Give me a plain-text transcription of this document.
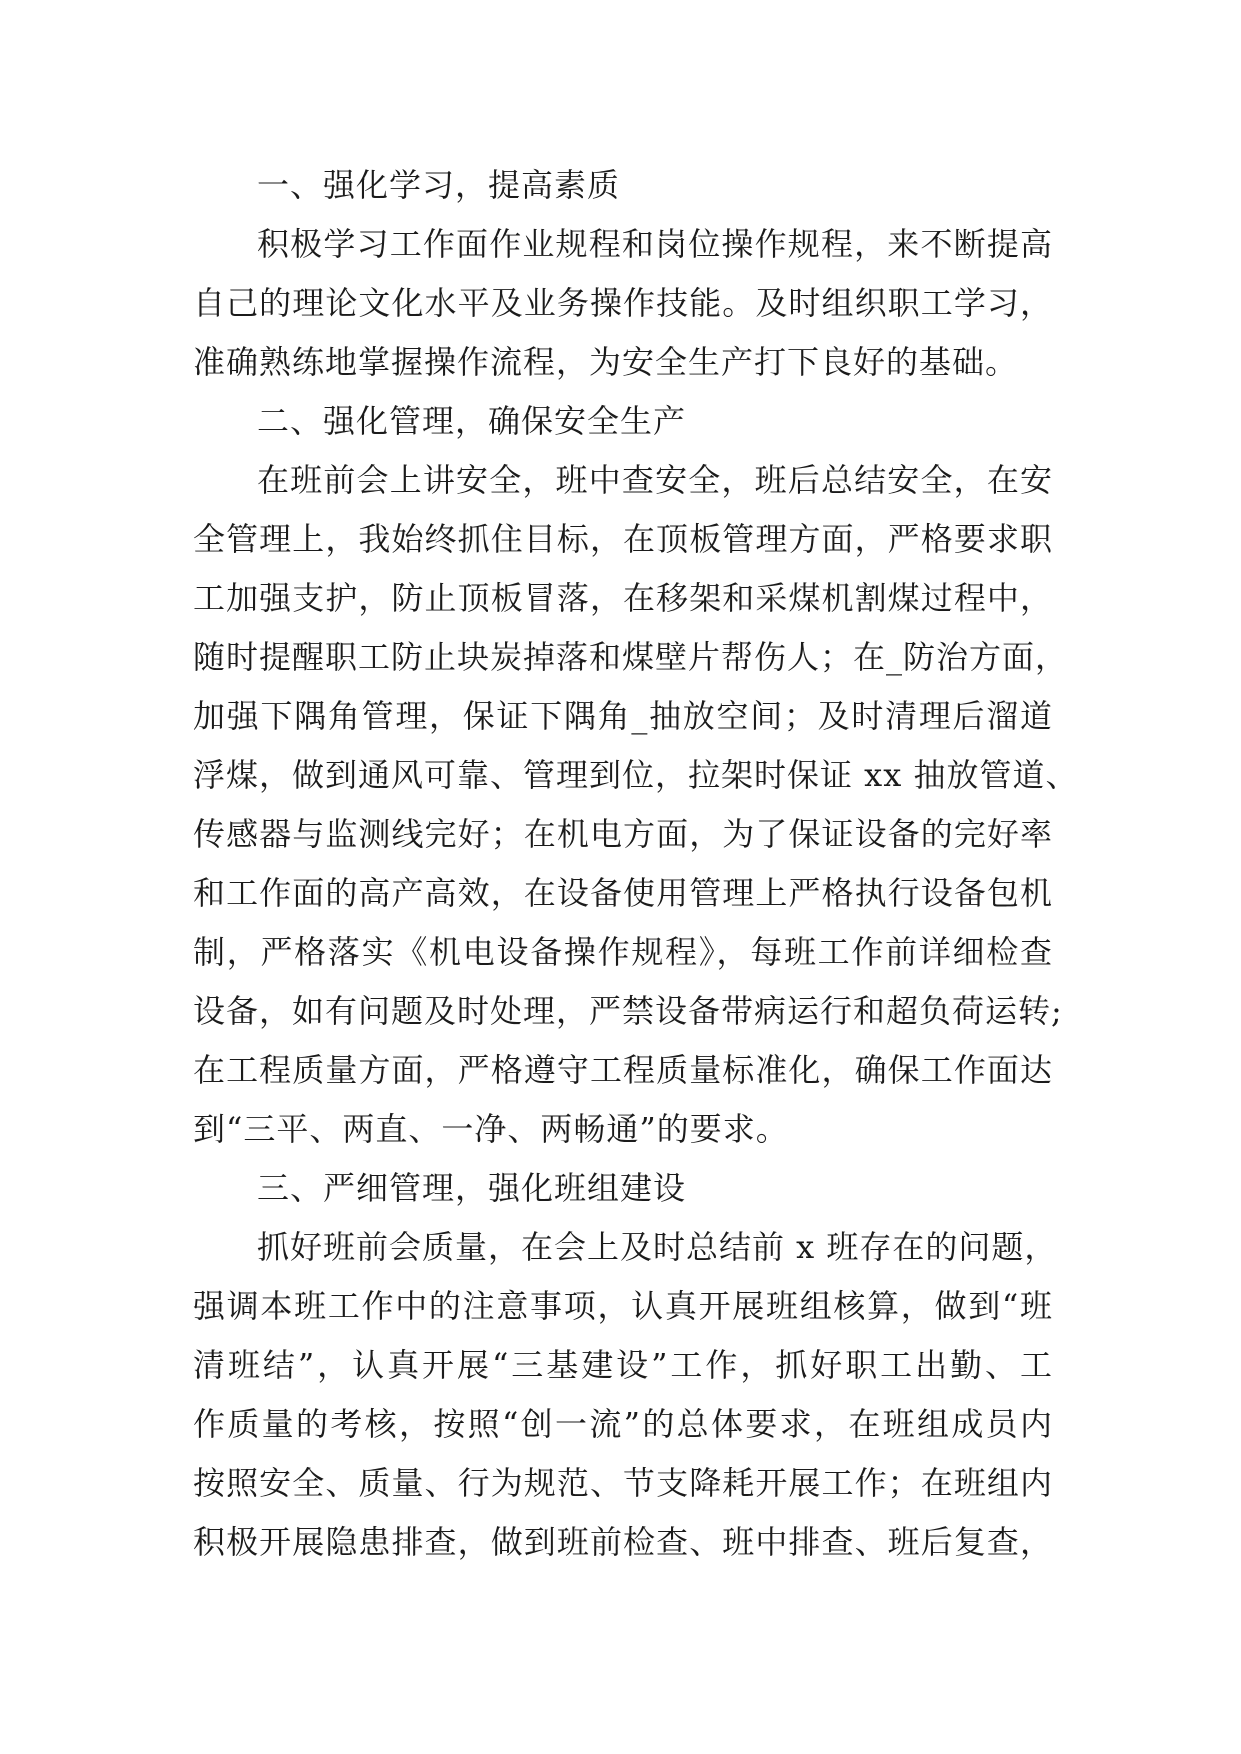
一、强化学习，提高素质
积极学习工作面作业规程和岗位操作规程，来不断提高
自己的理论文化水平及业务操作技能。及时组织职工学习，
准确熟练地掌握操作流程，为安全生产打下良好的基础。
二、强化管理，确保安全生产
在班前会上讲安全，班中查安全，班后总结安全，在安
全管理上，我始终抓住目标，在顶板管理方面，严格要求职
工加强支护，防止顶板冒落，在移架和采煤机割煤过程中，
随时提醒职工防止块炭掉落和煤壁片帮伤人；在_防治方面，
加强下隅角管理，保证下隅角_抽放空间；及时清理后溜道
浮煤，做到通风可靠、管理到位，拉架时保证 xx 抽放管道、
传感器与监测线完好；在机电方面，为了保证设备的完好率
和工作面的高产高效，在设备使用管理上严格执行设备包机
制，严格落实《机电设备操作规程》，每班工作前详细检查
设备，如有问题及时处理，严禁设备带病运行和超负荷运转;
在工程质量方面，严格遵守工程质量标准化，确保工作面达
到“三平、两直、一净、两畅通”的要求。
三、严细管理，强化班组建设
抓好班前会质量，在会上及时总结前 x 班存在的问题，
强调本班工作中的注意事项，认真开展班组核算，做到“班
清班结”，认真开展“三基建设”工作，抓好职工出勤、工
作质量的考核，按照“创一流”的总体要求，在班组成员内
按照安全、质量、行为规范、节支降耗开展工作；在班组内
积极开展隐患排查，做到班前检查、班中排查、班后复查，
